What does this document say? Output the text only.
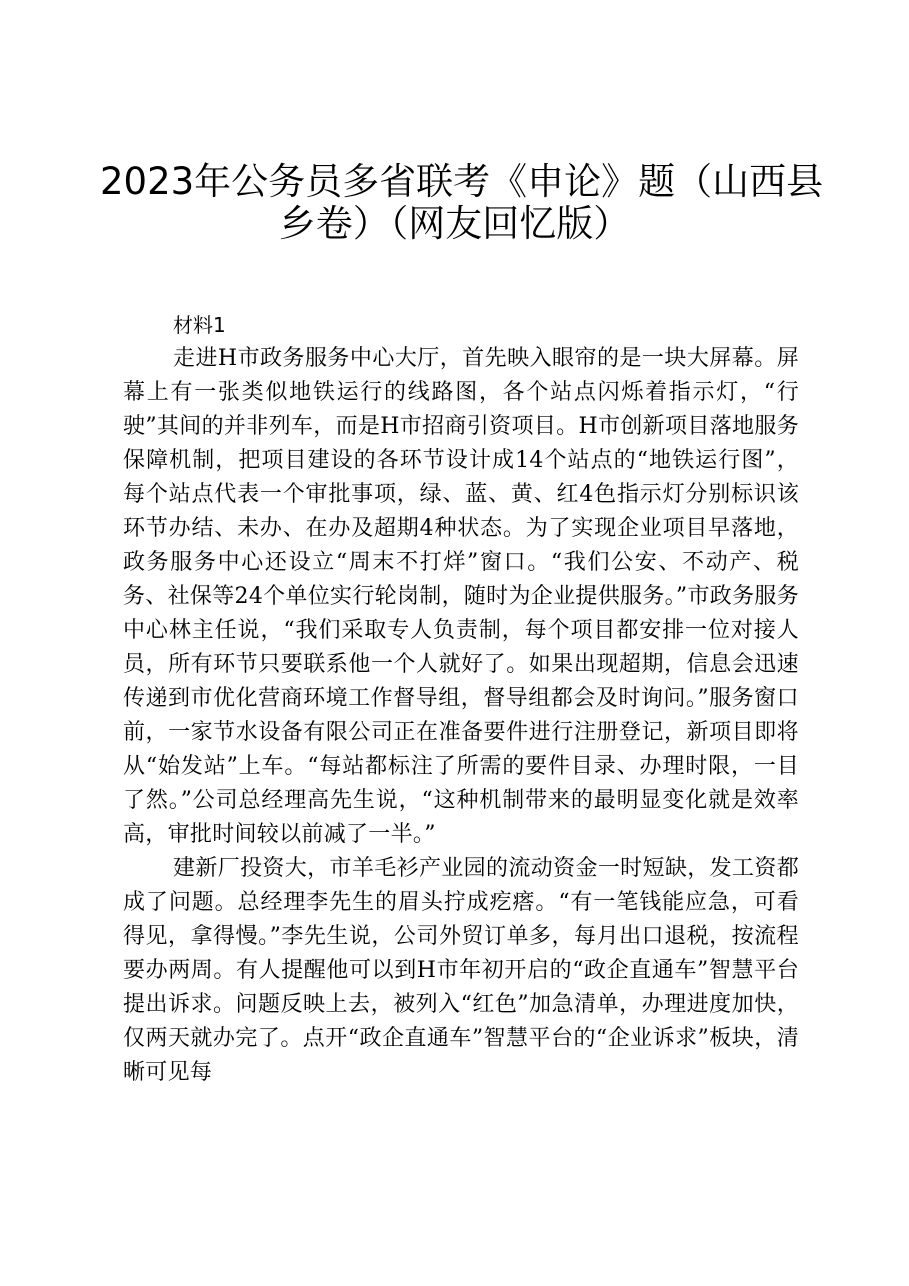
2023年公务员多省联考《申论》题（山西县
乡卷）（网友回忆版）

材料1

走进H市政务服务中心大厅，首先映入眼帘的是一块大屏幕。屏幕上有一张类似地铁运行的线路图，各个站点闪烁着指示灯，“行驶”其间的并非列车，而是H市招商引资项目。H市创新项目落地服务保障机制，把项目建设的各环节设计成14个站点的“地铁运行图”，每个站点代表一个审批事项，绿、蓝、黄、红4色指示灯分别标识该环节办结、未办、在办及超期4种状态。为了实现企业项目早落地，政务服务中心还设立“周末不打烊”窗口。“我们公安、不动产、税务、社保等24个单位实行轮岗制，随时为企业提供服务。”市政务服务中心林主任说，“我们采取专人负责制，每个项目都安排一位对接人员，所有环节只要联系他一个人就好了。如果出现超期，信息会迅速传递到市优化营商环境工作督导组，督导组都会及时询问。”服务窗口前，一家节水设备有限公司正在准备要件进行注册登记，新项目即将从“始发站”上车。“每站都标注了所需的要件目录、办理时限，一目了然。”公司总经理高先生说，“这种机制带来的最明显变化就是效率高，审批时间较以前减了一半。”

建新厂投资大，市羊毛衫产业园的流动资金一时短缺，发工资都成了问题。总经理李先生的眉头拧成疙瘩。“有一笔钱能应急，可看得见，拿得慢。”李先生说，公司外贸订单多，每月出口退税，按流程要办两周。有人提醒他可以到H市年初开启的“政企直通车”智慧平台提出诉求。问题反映上去，被列入“红色”加急清单，办理进度加快，仅两天就办完了。点开“政企直通车”智慧平台的“企业诉求”板块，清晰可见每
